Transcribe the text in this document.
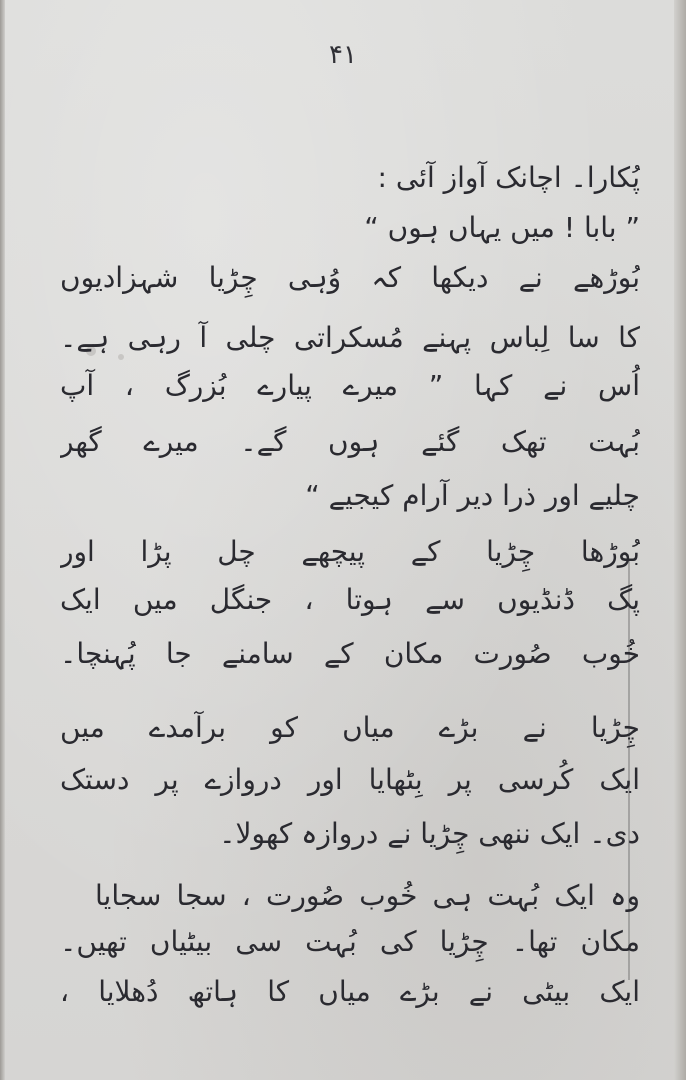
۴۱
پُکارا۔ اچانک آواز آئی :
” بابا ! میں یہاں ہوں “
بُوڑھے نے دیکھا کہ وُہی چِڑیا شہزادیوں
کا سا لِباس پہنے مُسکراتی چلی آ رہی ہے۔
اُس نے کہا ” میرے پیارے بُزرگ ، آپ
بُہت تھک گئے ہوں گے۔ میرے گھر
چلیے اور ذرا دیر آرام کیجیے “
بُوڑھا چِڑیا کے پیچھے چل پڑا اور
پگ ڈنڈیوں سے ہوتا ، جنگل میں ایک
خُوب صُورت مکان کے سامنے جا پُہنچا۔
چِڑیا نے بڑے میاں کو برآمدے میں
ایک کُرسی پر بِٹھایا اور دروازے پر دستک
دی۔ ایک ننھی چِڑیا نے دروازہ کھولا۔
وہ ایک بُہت ہی خُوب صُورت ، سجا سجایا
مکان تھا۔ چِڑیا کی بُہت سی بیٹیاں تھیں۔
ایک بیٹی نے بڑے میاں کا ہاتھ دُھلایا ،
